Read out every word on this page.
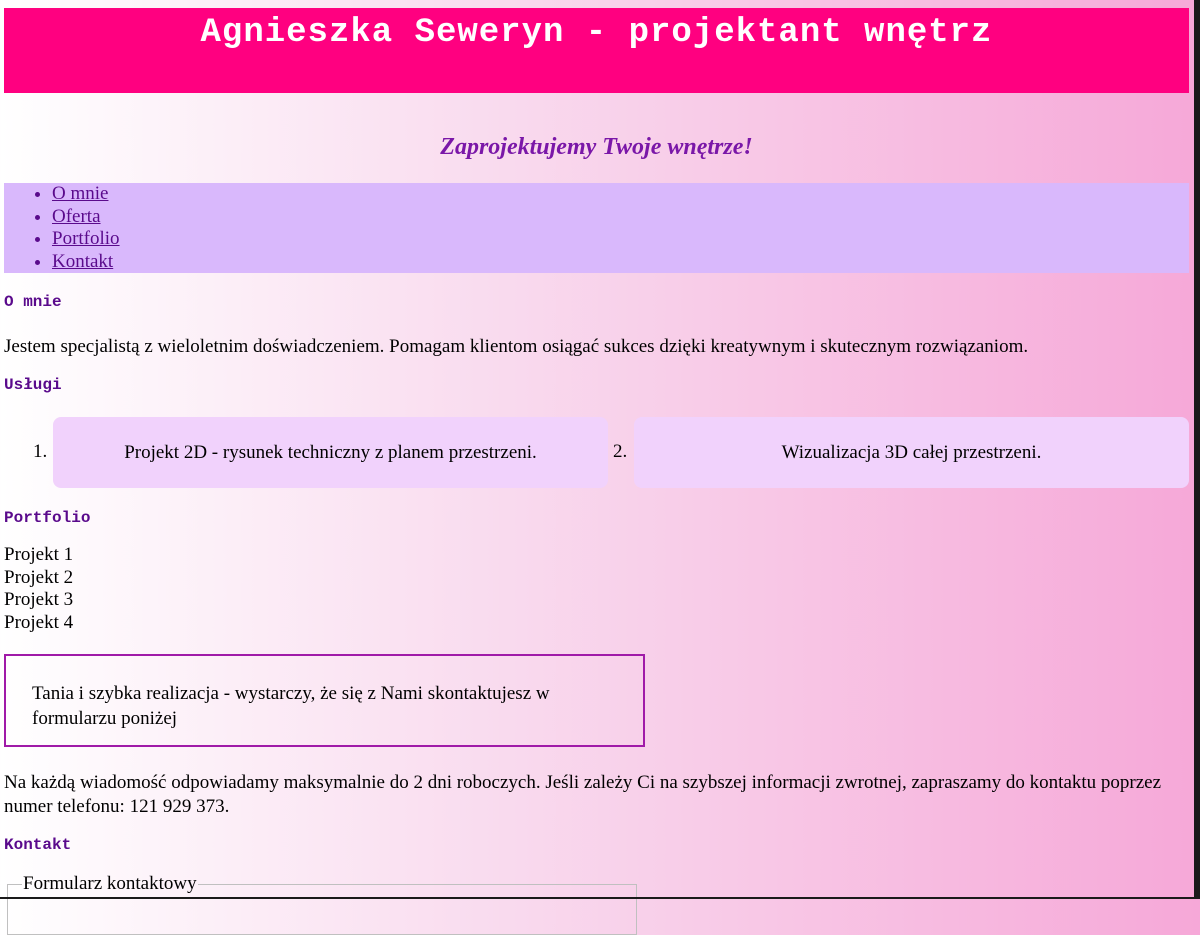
Agnieszka Seweryn - projektant wnętrz
Zaprojektujemy Twoje wnętrze!
• O mnie
• Oferta
• Portfolio
• Kontakt
O mnie
Jestem specjalistą z wieloletnim doświadczeniem. Pomagam klientom osiągać sukces dzięki kreatywnym i skutecznym rozwiązaniom.
Usługi
1.	Projekt 2D - rysunek techniczny z planem przestrzeni.	2.	Wizualizacja 3D całej przestrzeni.
Portfolio
Projekt 1
Projekt 2
Projekt 3
Projekt 4
Tania i szybka realizacja - wystarczy, że się z Nami skontaktujesz w formularzu poniżej
Na każdą wiadomość odpowiadamy maksymalnie do 2 dni roboczych. Jeśli zależy Ci na szybszej informacji zwrotnej, zapraszamy do kontaktu poprzez numer telefonu: 121 929 373.
Kontakt
Formularz kontaktowy
